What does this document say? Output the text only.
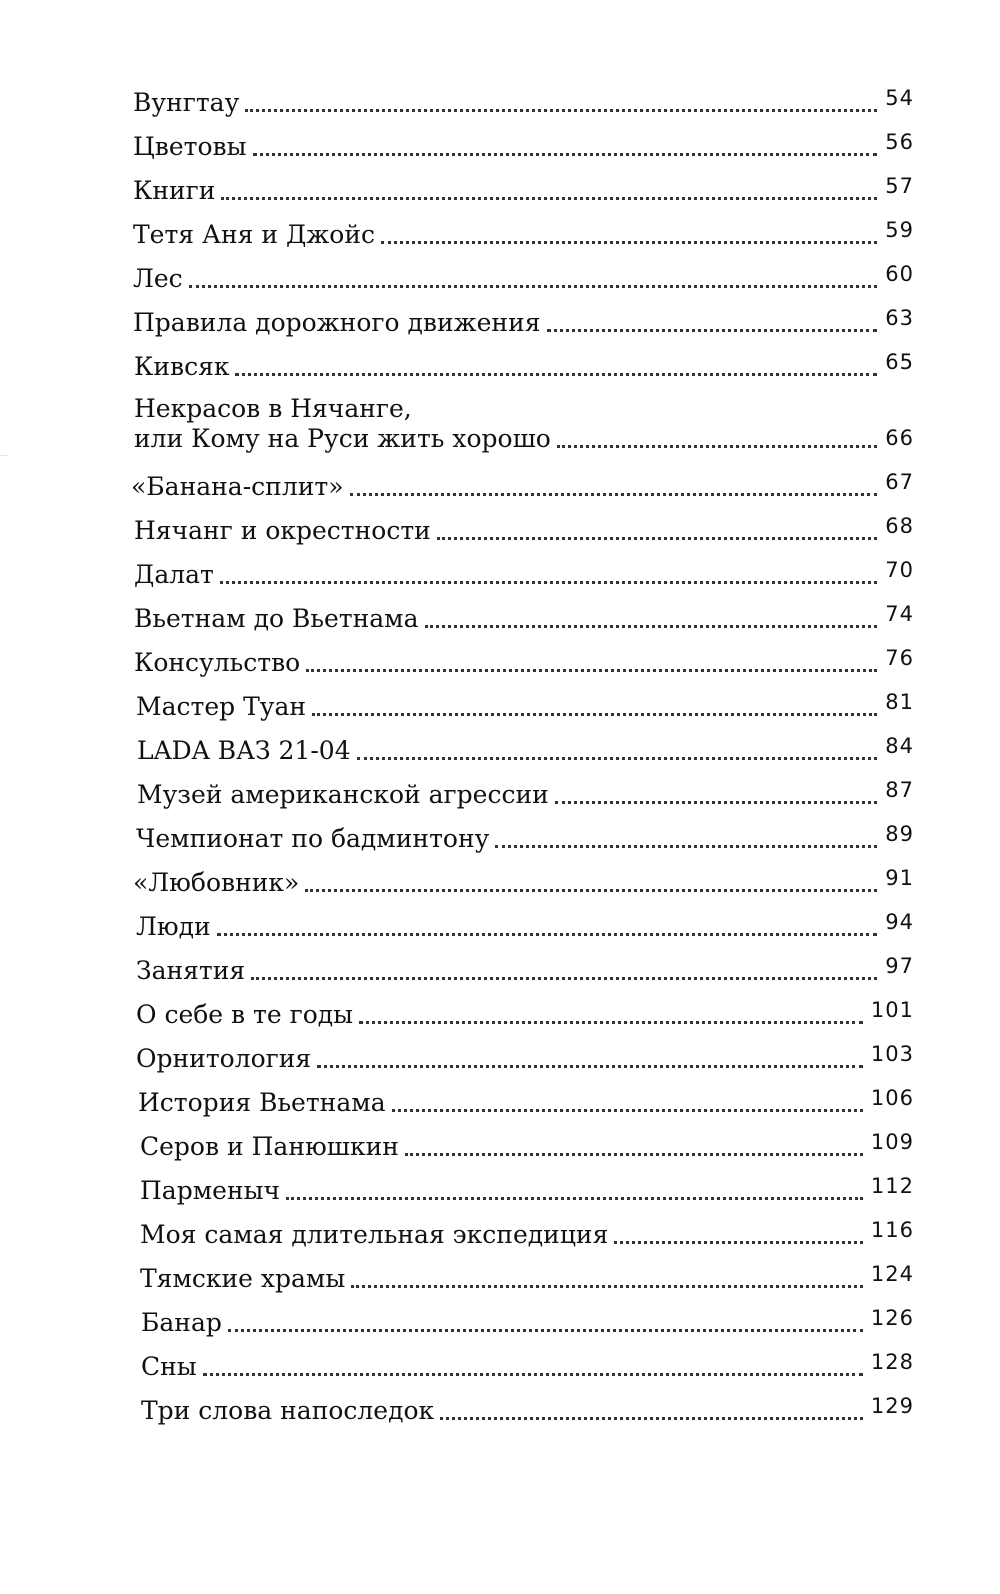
Вунгтау	54
Цветовы	56
Книги	57
Тетя Аня и Джойс	59
Лес	60
Правила дорожного движения	63
Кивсяк	65
Некрасов в Нячанге,
или Кому на Руси жить хорошо	66
«Банана-сплит»	67
Нячанг и окрестности	68
Далат	70
Вьетнам до Вьетнама	74
Консульство	76
Мастер Туан	81
LADA ВАЗ 21-04	84
Музей американской агрессии	87
Чемпионат по бадминтону	89
«Любовник»	91
Люди	94
Занятия	97
О себе в те годы	101
Орнитология	103
История Вьетнама	106
Серов и Панюшкин	109
Парменыч	112
Моя самая длительная экспедиция	116
Тямские храмы	124
Банар	126
Сны	128
Три слова напоследок	129
